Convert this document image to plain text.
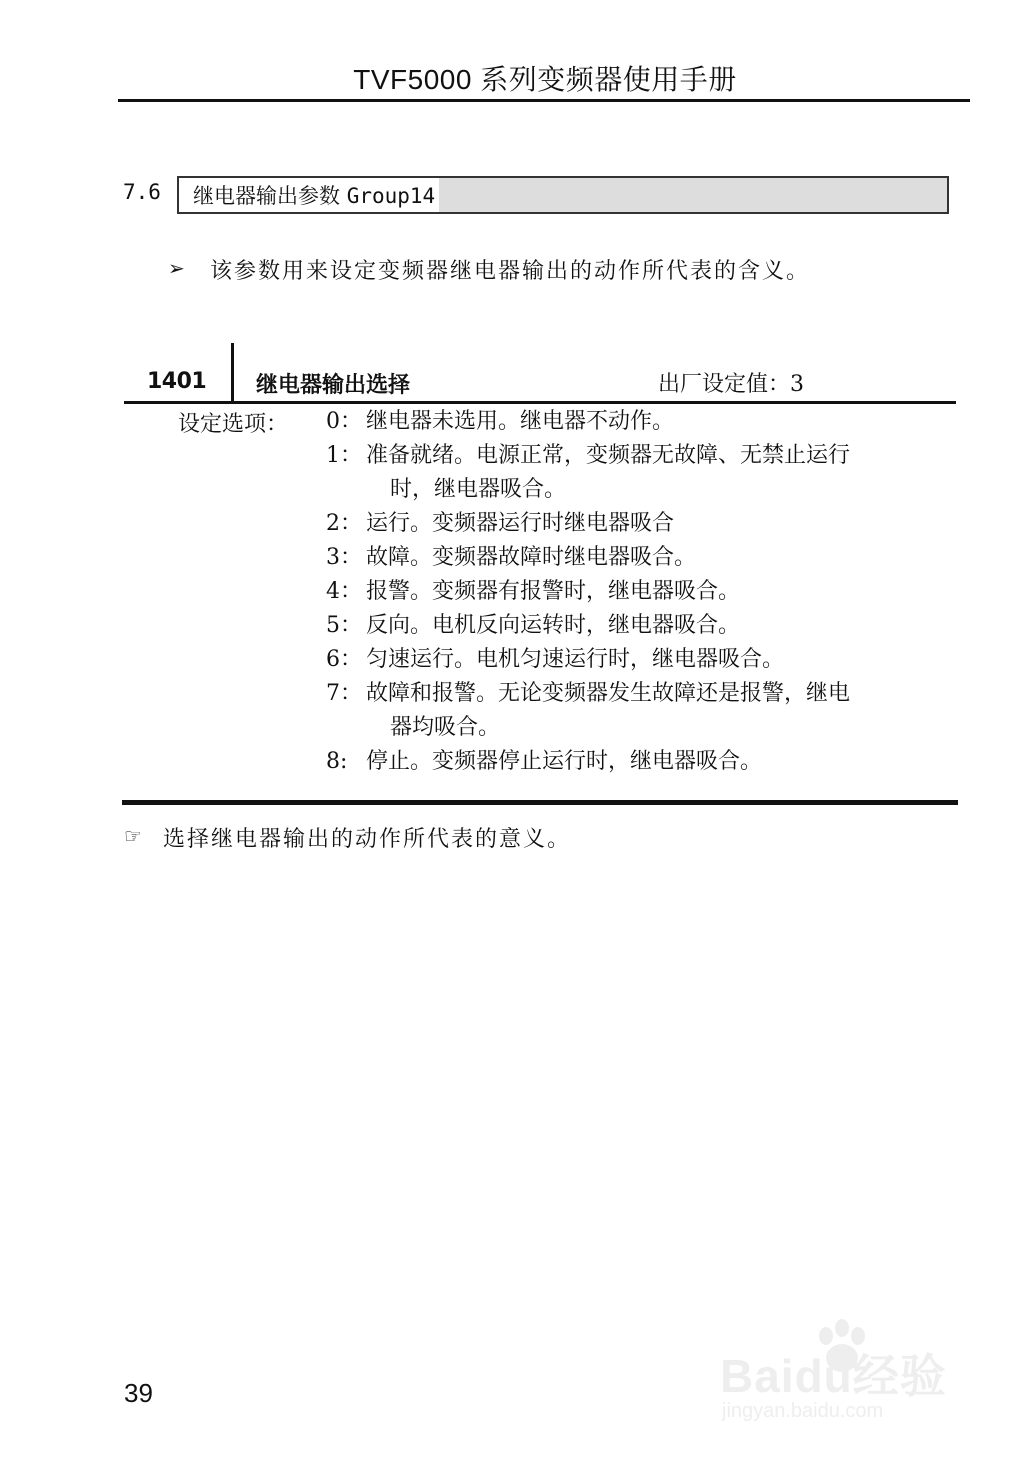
TVF5000 系列变频器使用手册
7.6 继电器输出参数 Group14
➢ 该参数用来设定变频器继电器输出的动作所代表的含义。
1401 继电器输出选择	出厂设定值：3
设定选项： 0： 继电器未选用。继电器不动作。
1： 准备就绪。电源正常，变频器无故障、无禁止运行
时，继电器吸合。
2： 运行。变频器运行时继电器吸合
3： 故障。变频器故障时继电器吸合。
4： 报警。变频器有报警时，继电器吸合。
5： 反向。电机反向运转时，继电器吸合。
6： 匀速运行。电机匀速运行时，继电器吸合。
7： 故障和报警。无论变频器发生故障还是报警，继电
器均吸合。
8: 停止。变频器停止运行时，继电器吸合。
☞ 选择继电器输出的动作所代表的意义。
39	Baidu经验
jingyan.baidu.com
